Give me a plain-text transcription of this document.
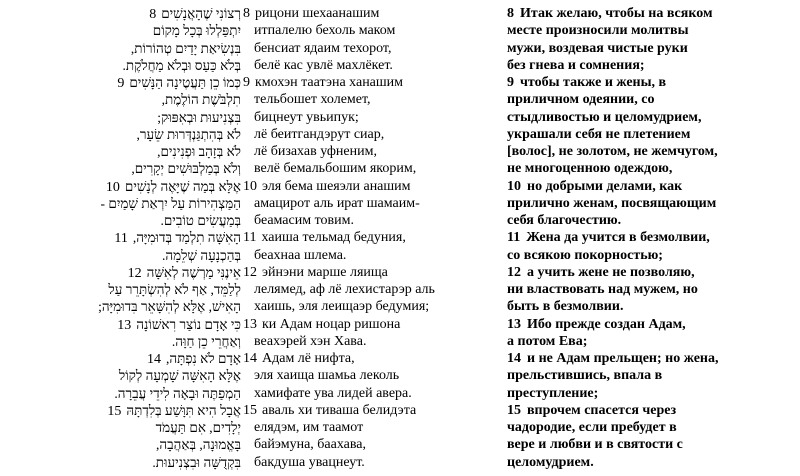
8 רְצוֹנִי שֶׁהָאֲנָשִׁים
יִתְפַּלְלוּ בְּכָל מָקוֹם
בִּנְשִׂיאַת יָדַיִם טְהוֹרוֹת,
בְּלֹא כַּעַס וּבְלֹא מַחֲלֹקֶת.
9 כְּמוֹ כֵן תַּעֲטֶינָה הַנָּשִׁים
תִלְבֹּשֶׁת הוֹלֶמֶת,
בִּצְנִיעוּת וּבְאִפּוּק;
לֹא בְּהִתְגַּנְדְּרוּת שֵׂעָר,
לֹא בְּזָהָב וּפְנִינִים,
וְלֹא בְּמַלְבּוּשִׁים יְקָרִים,
10 אֶלָּא בְּמַה שֶׁיָּאֶה לְנָשִׁים
הַמַּצְהִירוֹת עַל יִרְאַת שָׁמַיִם -
בְּמַעֲשִׂים טוֹבִים.
11 הָאִשָּׁה תִלְמַד בְּדוּמִיָּה,
בְּהַכְנָעָה שְׁלֵמָה.
12 אֵינֶנִּי מַרְשֶׁה לְאִשָּׁה
לְלַמֵּד, אַף לֹא לְהִשְׂתָּרֵר עַל
הָאִישׁ, אֶלָּא לְהִשָּׁאֵר בִּדוּמִיָּה;
13 כִּי אָדָם נוֹצַר רִאשׁוֹנָה
וְאַחֲרֵי כֵן חַוָּה.
14 אָדָם לֹא נִפְתָּה,
אֶלָּא הָאִשָּׁה שָׁמְעָה לְקוֹל
הַמְפַתֶּה וּבָאָה לִידֵי עֲבֵרָה.
15 אֲבָל הִיא תִּוָּשַׁע בְּלִדְתָּהּ
יְלָדִים, אִם תַּעֲמֹד
בָּאֱמוּנָה, בְּאַהֲבָה,
בִּקְדֻשָּׁה וּבִצְנִיעוּת.
8 рицони шехаанашим
итпалелю бехоль маком
бенсиат ядаим техорот,
белё кас увлё махлёкет.
9 кмохэн таатэна ханашим
тельбошет холемет,
бицнеут увьипук;
лё беитгандэрут сиар,
лё бизахав уфненим,
велё бемальбошим якорим,
10 эля бема шеяэли анашим
амацирот аль ират шамаим-
беамасим товим.
11 хаиша тельмад бедуния,
беахнаа шлема.
12 эйнэни марше ляища
лелямед, аф лё лехистарэр аль
хаишь, эля леищаэр бедумия;
13 ки Адам ноцар ришона
веахэрей хэн Хава.
14 Адам лё нифта,
эля хаища шамьа леколь
хамифате ува лидей авера.
15 аваль хи тиваша белидэта
елядэм, им таамот
байэмуна, баахава,
бакдуша увацнеут.
8 Итак желаю, чтобы на всяком
месте произносили молитвы
мужи, воздевая чистые руки
без гнева и сомнения;
9 чтобы также и жены, в
приличном одеянии, со
стыдливостью и целомудрием,
украшали себя не плетением
[волос], не золотом, не жемчугом,
не многоценною одеждою,
10 но добрыми делами, как
прилично женам, посвящающим
себя благочестию.
11 Жена да учится в безмолвии,
со всякою покорностью;
12 а учить жене не позволяю,
ни властвовать над мужем, но
быть в безмолвии.
13 Ибо прежде создан Адам,
а потом Ева;
14 и не Адам прельщен; но жена,
прельстившись, впала в
преступление;
15 впрочем спасется через
чадородие, если пребудет в
вере и любви и в святости с
целомудрием.
